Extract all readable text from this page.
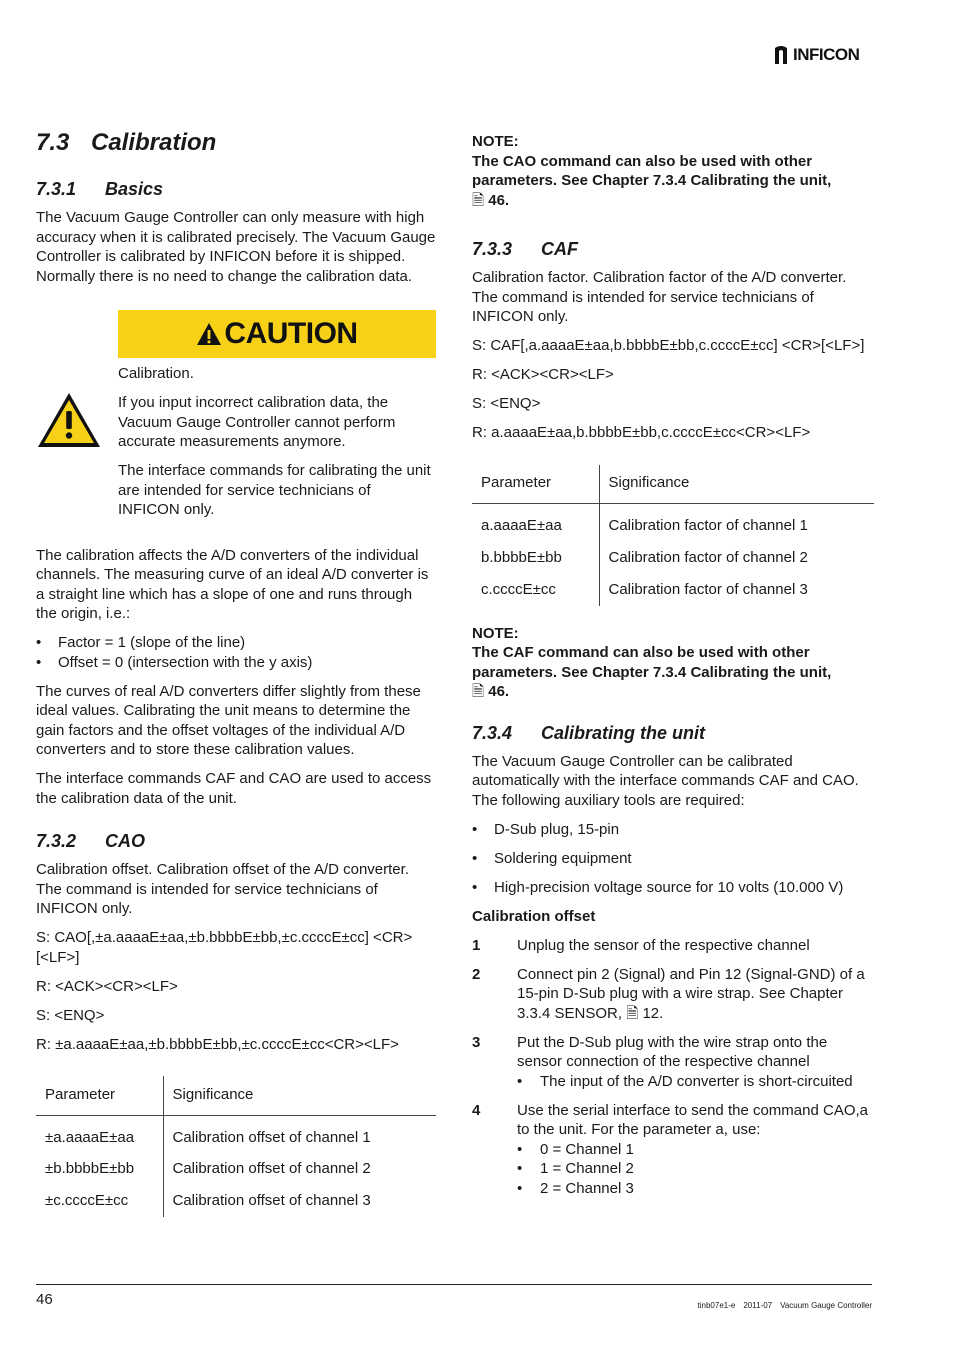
INFICON
7.3 Calibration
7.3.1 Basics

The Vacuum Gauge Controller can only measure with high accuracy when it is calibrated precisely. The Vacuum Gauge Controller is calibrated by INFICON before it is shipped. Normally there is no need to change the calibration data.

CAUTION

Calibration.

If you input incorrect calibration data, the Vacuum Gauge Controller cannot perform accurate measurements anymore.

The interface commands for calibrating the unit are intended for service technicians of INFICON only.

The calibration affects the A/D converters of the individual channels. The measuring curve of an ideal A/D converter is a straight line which has a slope of one and runs through the origin, i.e.:

• Factor = 1 (slope of the line)
• Offset = 0 (intersection with the y axis)

The curves of real A/D converters differ slightly from these ideal values. Calibrating the unit means to determine the gain factors and the offset voltages of the individual A/D converters and to store these calibration values.

The interface commands CAF and CAO are used to access the calibration data of the unit.

7.3.2 CAO

Calibration offset. Calibration offset of the A/D converter. The command is intended for service technicians of INFICON only.

S: CAO[,±a.aaaaE±aa,±b.bbbbE±bb,±c.ccccE±cc] <CR>[<LF>]

R: <ACK><CR><LF>

S: <ENQ>

R: ±a.aaaaE±aa,±b.bbbbE±bb,±c.ccccE±cc<CR><LF>

Parameter	Significance
±a.aaaaE±aa	Calibration offset of channel 1
±b.bbbbE±bb	Calibration offset of channel 2
±c.ccccE±cc	Calibration offset of channel 3
NOTE:
The CAO command can also be used with other parameters. See Chapter 7.3.4 Calibrating the unit,
🗎 46.
7.3.3 CAF

Calibration factor. Calibration factor of the A/D converter. The command is intended for service technicians of INFICON only.

S: CAF[,a.aaaaE±aa,b.bbbbE±bb,c.ccccE±cc] <CR>[<LF>]

R: <ACK><CR><LF>

S: <ENQ>

R: a.aaaaE±aa,b.bbbbE±bb,c.ccccE±cc<CR><LF>

Parameter	Significance
a.aaaaE±aa	Calibration factor of channel 1
b.bbbbE±bb	Calibration factor of channel 2
c.ccccE±cc	Calibration factor of channel 3
NOTE:
The CAF command can also be used with other parameters. See Chapter 7.3.4 Calibrating the unit,
🗎 46.
7.3.4 Calibrating the unit

The Vacuum Gauge Controller can be calibrated automatically with the interface commands CAF and CAO. The following auxiliary tools are required:

• D-Sub plug, 15-pin
• Soldering equipment
• High-precision voltage source for 10 volts (10.000 V)

Calibration offset

1 Unplug the sensor of the respective channel
2 Connect pin 2 (Signal) and Pin 12 (Signal-GND) of a 15-pin D-Sub plug with a wire strap. See Chapter 3.3.4 SENSOR, 🗎 12.
3 Put the D-Sub plug with the wire strap onto the sensor connection of the respective channel
• The input of the A/D converter is short-circuited
4 Use the serial interface to send the command CAO,a to the unit. For the parameter a, use:
• 0 = Channel 1
• 1 = Channel 2
• 2 = Channel 3
46	tinb07e1-e 2011-07 Vacuum Gauge Controller
